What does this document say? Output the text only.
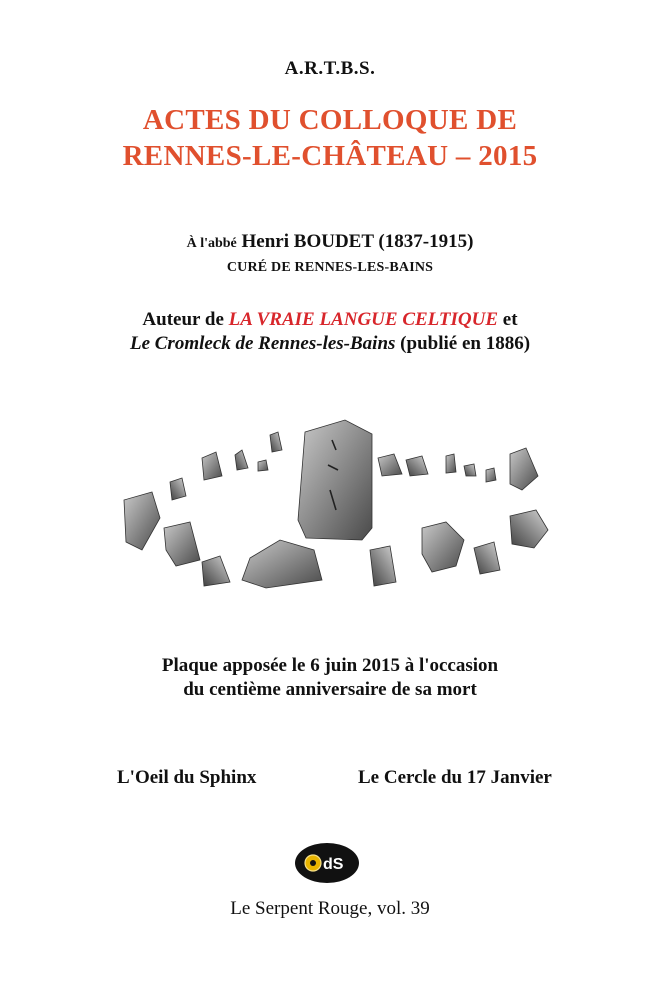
A.R.T.B.S.
ACTES DU COLLOQUE DE
RENNES-LE-CHÂTEAU – 2015
À l'abbé Henri BOUDET (1837-1915)
CURÉ DE RENNES-LES-BAINS
Auteur de LA VRAIE LANGUE CELTIQUE et
Le Cromleck de Rennes-les-Bains (publié en 1886)
Plaque apposée le 6 juin 2015 à l'occasion
du centième anniversaire de sa mort
L'Oeil du Sphinx	Le Cercle du 17 Janvier
dS
Le Serpent Rouge, vol. 39
